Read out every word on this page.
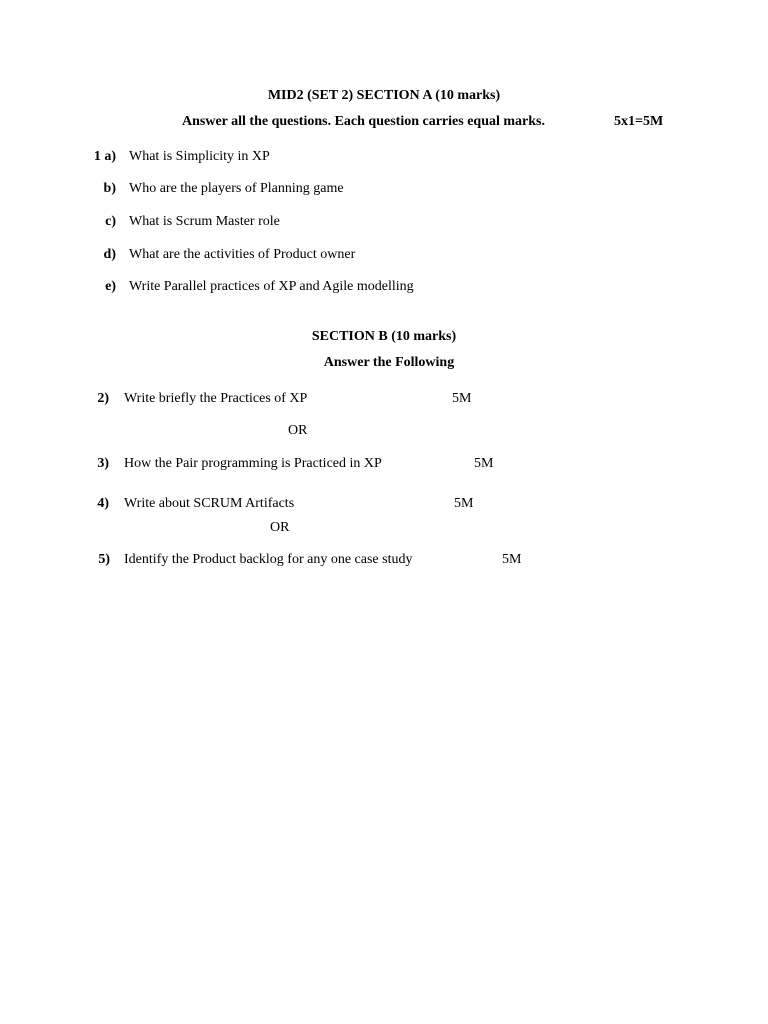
MID2 (SET 2) SECTION A (10 marks)
Answer all the questions. Each question carries equal marks.	5x1=5M
1 a) What is Simplicity in XP
b) Who are the players of Planning game
c) What is Scrum Master role
d) What are the activities of Product owner
e) Write Parallel practices of XP and Agile modelling
SECTION B (10 marks)
Answer the Following
2) Write briefly the Practices of XP	5M
OR
3) How the Pair programming is Practiced in XP	5M
4) Write about SCRUM Artifacts	5M
OR
5) Identify the Product backlog for any one case study	5M
